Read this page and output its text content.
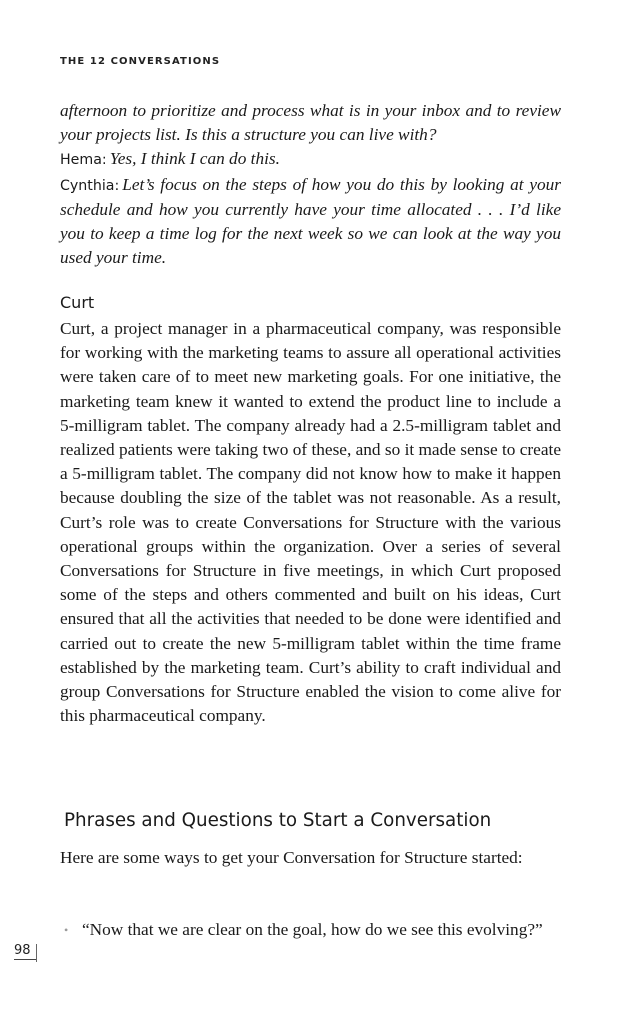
THE 12 CONVERSATIONS

afternoon to prioritize and process what is in your inbox and to review your projects list. Is this a structure you can live with?

Hema: Yes, I think I can do this.

Cynthia: Let’s focus on the steps of how you do this by looking at your schedule and how you currently have your time allocated . . . I’d like you to keep a time log for the next week so we can look at the way you used your time.

Curt

Curt, a project manager in a pharmaceutical company, was responsible for working with the marketing teams to assure all operational activities were taken care of to meet new marketing goals. For one initiative, the marketing team knew it wanted to extend the product line to include a 5-milligram tablet. The company already had a 2.5-milligram tablet and realized patients were taking two of these, and so it made sense to create a 5-milligram tablet. The company did not know how to make it happen because doubling the size of the tablet was not reasonable. As a result, Curt’s role was to create Conversations for Structure with the various operational groups within the organization. Over a series of several Conversations for Structure in five meetings, in which Curt proposed some of the steps and others commented and built on his ideas, Curt ensured that all the activities that needed to be done were identified and carried out to create the new 5-milligram tablet within the time frame established by the marketing team. Curt’s ability to craft individual and group Conversations for Structure enabled the vision to come alive for this pharmaceutical company.

Phrases and Questions to Start a Conversation

Here are some ways to get your Conversation for Structure started:

• “Now that we are clear on the goal, how do we see this evolving?”
98
